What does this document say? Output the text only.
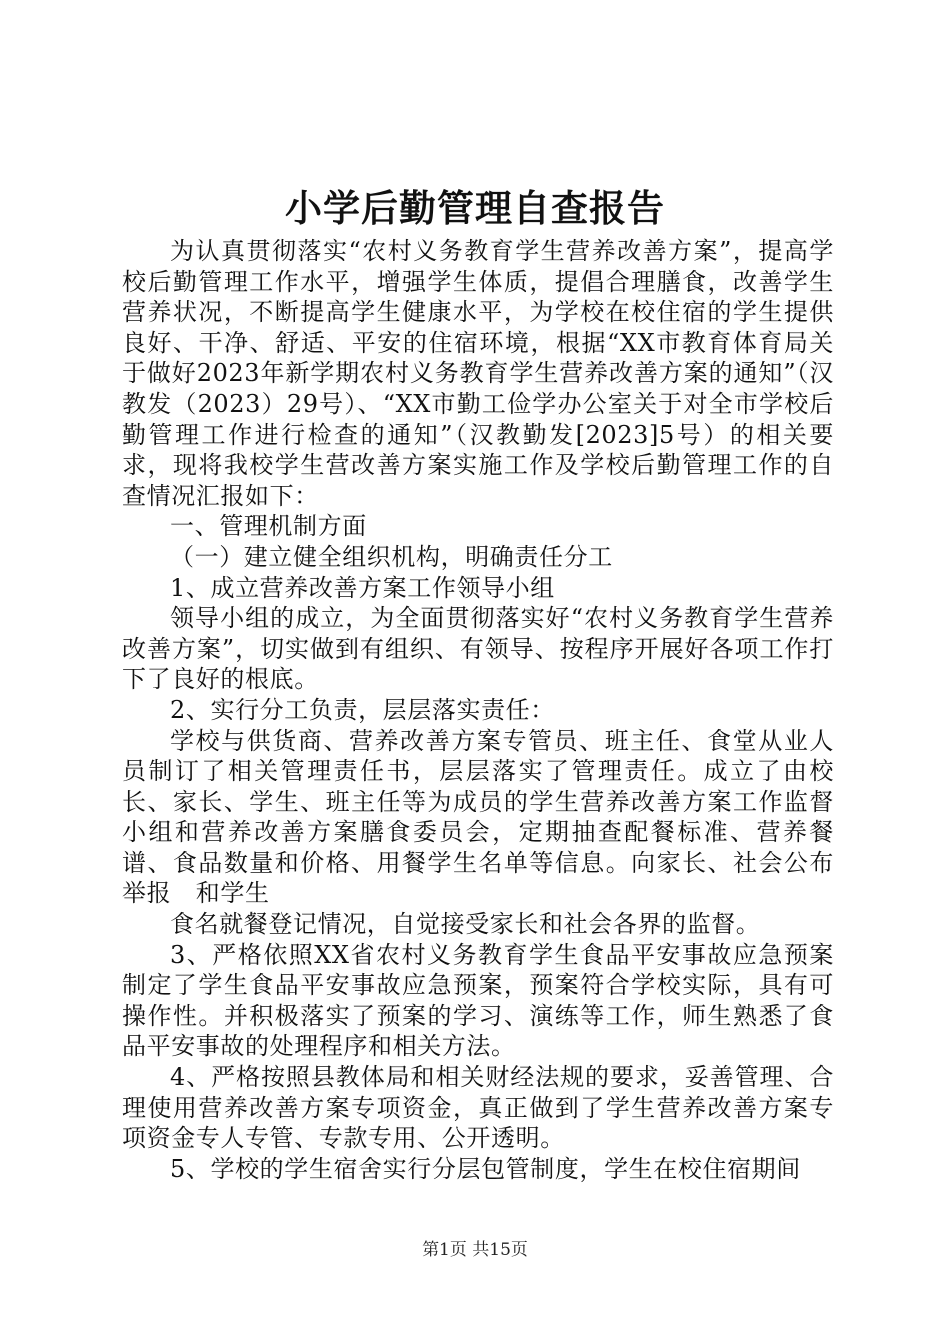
小学后勤管理自查报告

为认真贯彻落实“农村义务教育学生营养改善方案”，提高学校后勤管理工作水平，增强学生体质，提倡合理膳食，改善学生营养状况，不断提高学生健康水平，为学校在校住宿的学生提供良好、干净、舒适、平安的住宿环境，根据“XX市教育体育局关于做好2023年新学期农村义务教育学生营养改善方案的通知”（汉教发（2023）29号）、“XX市勤工俭学办公室关于对全市学校后勤管理工作进行检查的通知”（汉教勤发[2023]5号）的相关要求，现将我校学生营改善方案实施工作及学校后勤管理工作的自查情况汇报如下：

一、管理机制方面

（一）建立健全组织机构，明确责任分工

1、成立营养改善方案工作领导小组

领导小组的成立，为全面贯彻落实好“农村义务教育学生营养改善方案”，切实做到有组织、有领导、按程序开展好各项工作打下了良好的根底。

2、实行分工负责，层层落实责任：

学校与供货商、营养改善方案专管员、班主任、食堂从业人员制订了相关管理责任书，层层落实了管理责任。成立了由校长、家长、学生、班主任等为成员的学生营养改善方案工作监督小组和营养改善方案膳食委员会，定期抽查配餐标准、营养餐谱、食品数量和价格、用餐学生名单等信息。向家长、社会公布举报　和学生

食名就餐登记情况，自觉接受家长和社会各界的监督。

3、严格依照XX省农村义务教育学生食品平安事故应急预案制定了学生食品平安事故应急预案，预案符合学校实际，具有可操作性。并积极落实了预案的学习、演练等工作，师生熟悉了食品平安事故的处理程序和相关方法。

4、严格按照县教体局和相关财经法规的要求，妥善管理、合理使用营养改善方案专项资金，真正做到了学生营养改善方案专项资金专人专管、专款专用、公开透明。

5、学校的学生宿舍实行分层包管制度，学生在校住宿期间

第1页 共15页
